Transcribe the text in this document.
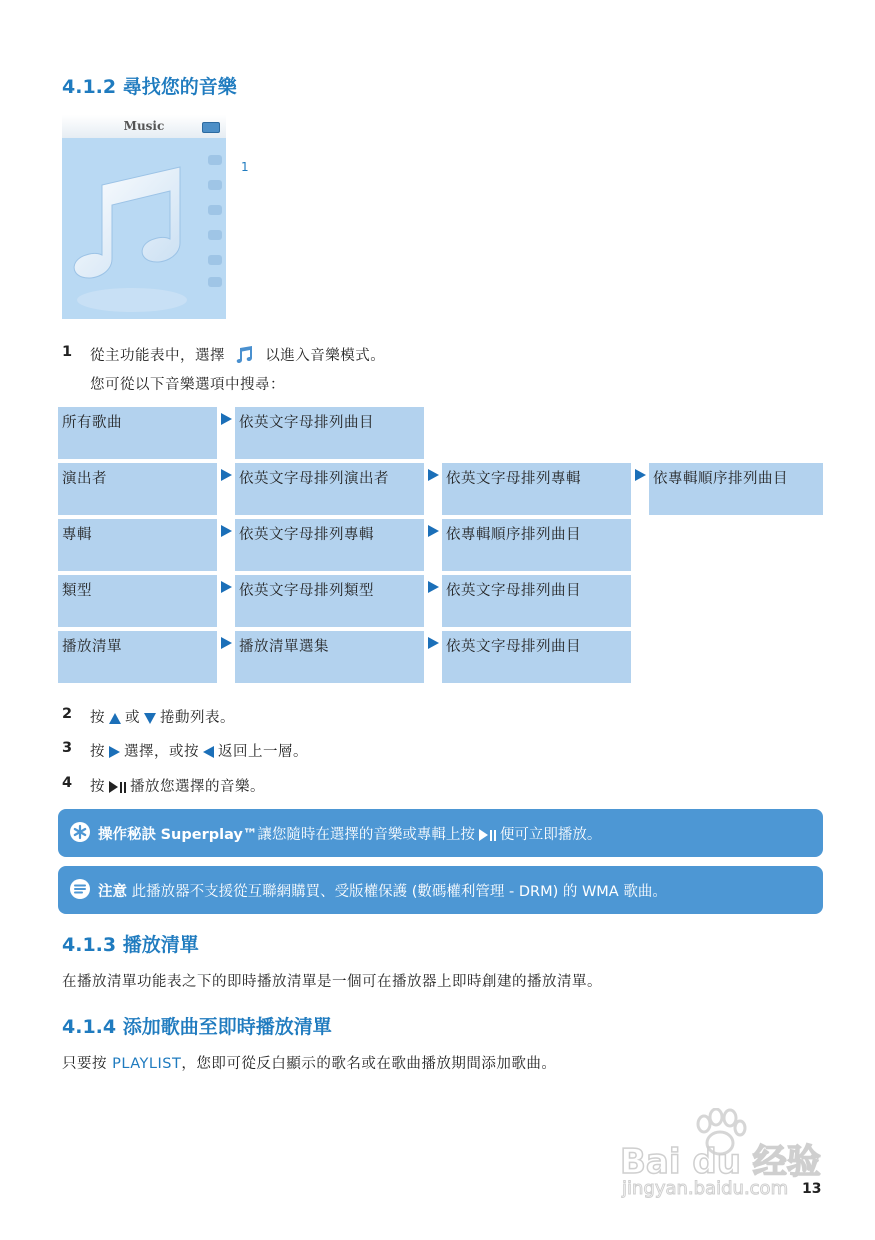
4.1.2 尋找您的音樂
Music
1
1 從主功能表中，選擇	以進入音樂模式。
您可從以下音樂選項中搜尋：
所有歌曲	依英文字母排列曲目
演出者	依英文字母排列演出者	依英文字母排列專輯	依專輯順序排列曲目
專輯	依英文字母排列專輯	依專輯順序排列曲目
類型	依英文字母排列類型	依英文字母排列曲目
播放清單	播放清單選集	依英文字母排列曲目
2 按 或 捲動列表。
3 按 選擇，或按 返回上一層。
4 按 播放您選擇的音樂。
操作秘訣 Superplay™讓您隨時在選擇的音樂或專輯上按 便可立即播放。
注意 此播放器不支援從互聯網購買、受版權保護 (數碼權利管理 - DRM) 的 WMA 歌曲。
4.1.3 播放清單
在播放清單功能表之下的即時播放清單是一個可在播放器上即時創建的播放清單。
4.1.4 添加歌曲至即時播放清單
只要按 PLAYLIST，您即可從反白顯示的歌名或在歌曲播放期間添加歌曲。
Bai du 经验
jingyan.baidu.com 13
